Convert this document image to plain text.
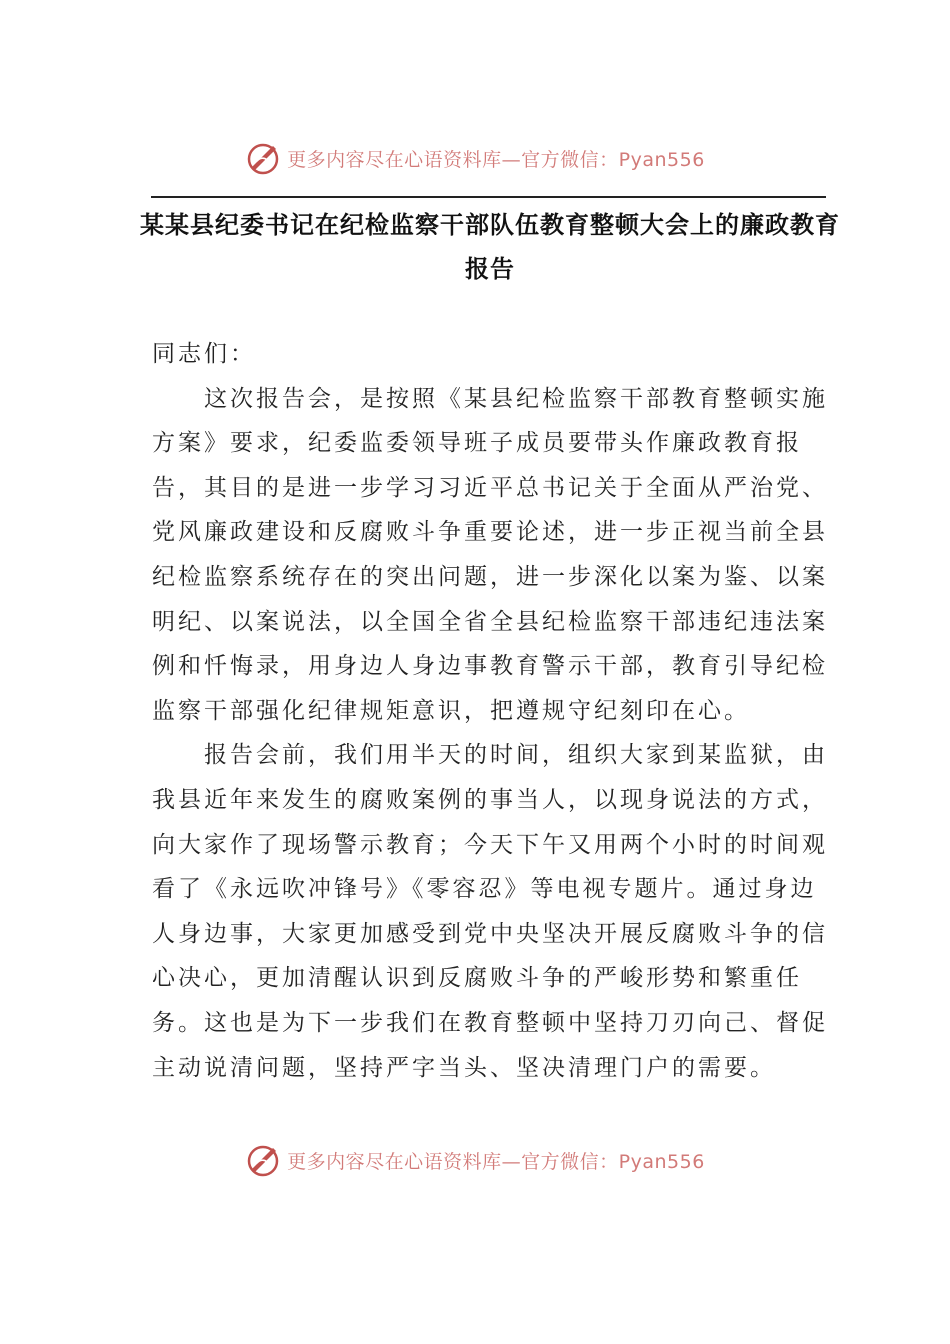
更多内容尽在心语资料库—官方微信：Pyan556
某某县纪委书记在纪检监察干部队伍教育整顿大会上的廉政教育报告

同志们：

这次报告会，是按照《某县纪检监察干部教育整顿实施方案》要求，纪委监委领导班子成员要带头作廉政教育报告，其目的是进一步学习习近平总书记关于全面从严治党、党风廉政建设和反腐败斗争重要论述，进一步正视当前全县纪检监察系统存在的突出问题，进一步深化以案为鉴、以案明纪、以案说法，以全国全省全县纪检监察干部违纪违法案例和忏悔录，用身边人身边事教育警示干部，教育引导纪检监察干部强化纪律规矩意识，把遵规守纪刻印在心。

报告会前，我们用半天的时间，组织大家到某监狱，由我县近年来发生的腐败案例的事当人，以现身说法的方式，向大家作了现场警示教育；今天下午又用两个小时的时间观看了《永远吹冲锋号》《零容忍》等电视专题片。通过身边人身边事，大家更加感受到党中央坚决开展反腐败斗争的信心决心，更加清醒认识到反腐败斗争的严峻形势和繁重任务。这也是为下一步我们在教育整顿中坚持刀刃向己、督促主动说清问题，坚持严字当头、坚决清理门户的需要。

更多内容尽在心语资料库—官方微信：Pyan556
